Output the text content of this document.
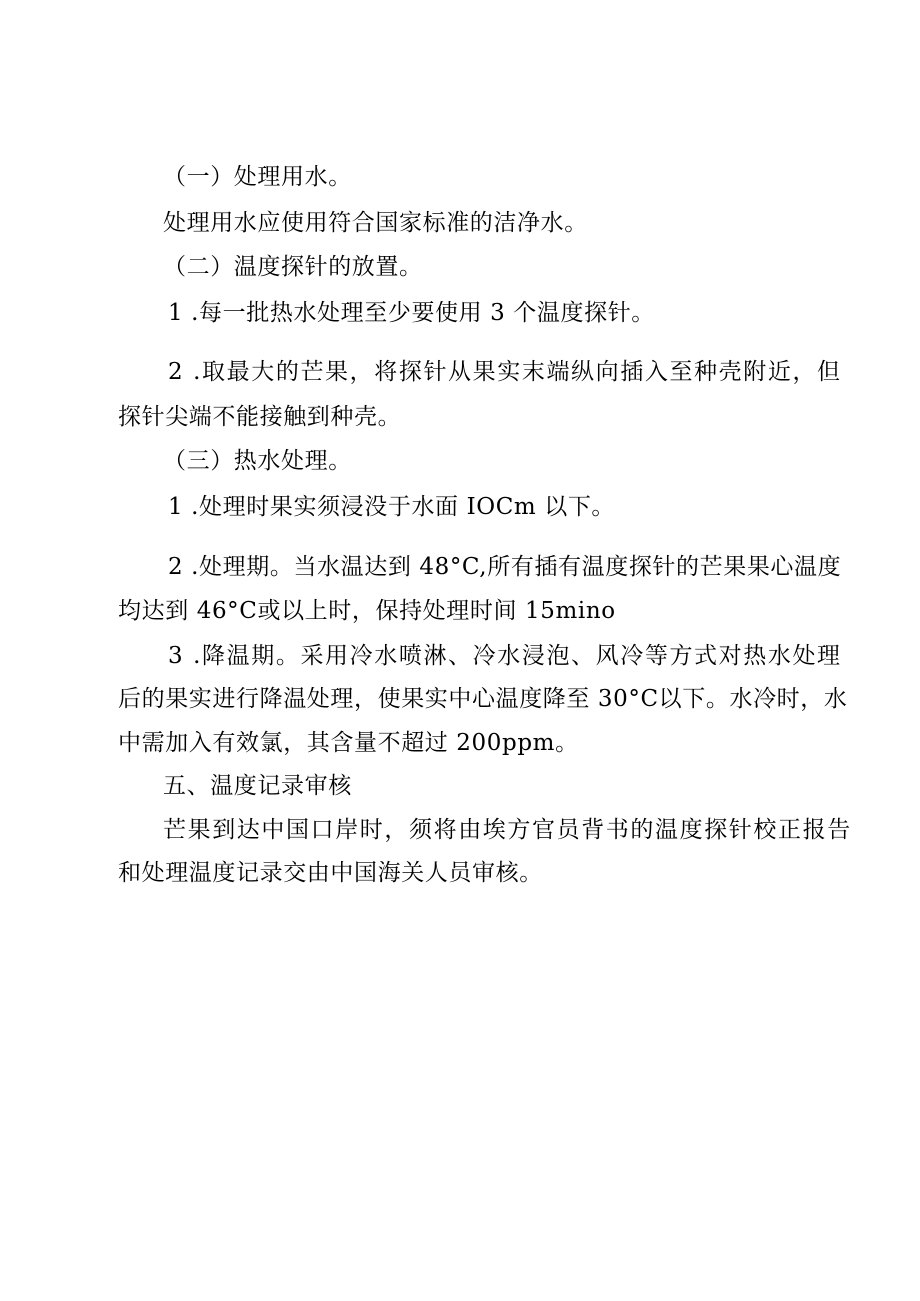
（一）处理用水。
处理用水应使用符合国家标准的洁净水。
（二）温度探针的放置。
1 .每一批热水处理至少要使用 3 个温度探针。
2 .取最大的芒果，将探针从果实末端纵向插入至种壳附近，但
探针尖端不能接触到种壳。
（三）热水处理。
1 .处理时果实须浸没于水面 IOCm 以下。
2 .处理期。当水温达到 48°C,所有插有温度探针的芒果果心温度
均达到 46°C或以上时，保持处理时间 15mino
3 .降温期。采用冷水喷淋、冷水浸泡、风冷等方式对热水处理
后的果实进行降温处理，使果实中心温度降至 30°C以下。水冷时，水
中需加入有效氯，其含量不超过 200ppm。
五、温度记录审核
芒果到达中国口岸时，须将由埃方官员背书的温度探针校正报告
和处理温度记录交由中国海关人员审核。
